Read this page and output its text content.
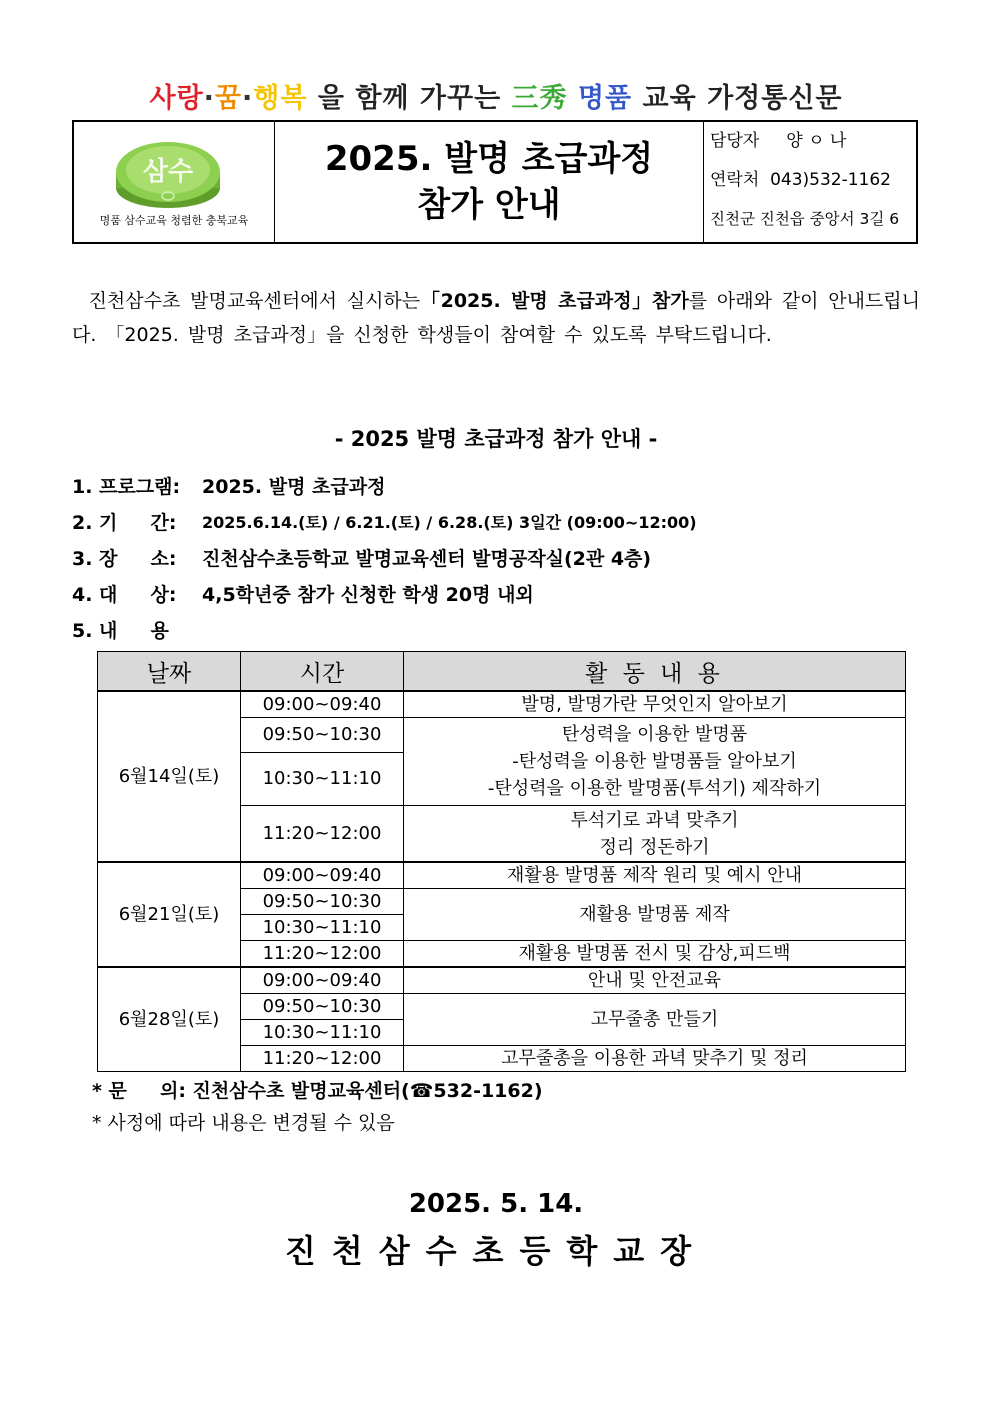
사랑·꿈·행복 을 함께 가꾸는 三秀 명품 교육 가정통신문
삼수
명품 삼수교육 청렴한 충북교육
2025. 발명 초급과정
참가 안내
담당자     양 ㅇ 나
연락처  043)532-1162
진천군 진천읍 중앙서 3길 6
진천삼수초 발명교육센터에서 실시하는「2025. 발명 초급과정」참가를 아래와 같이 안내드립니다. 「2025. 발명 초급과정」을 신청한 학생들이 참여할 수 있도록 부탁드립니다.
- 2025 발명 초급과정 참가 안내 -
1. 프로그램:	2025. 발명 초급과정
2. 기     간:	2025.6.14.(토) / 6.21.(토) / 6.28.(토) 3일간 (09:00~12:00)
3. 장     소:	진천삼수초등학교 발명교육센터 발명공작실(2관 4층)
4. 대     상:	4,5학년중 참가 신청한 학생 20명 내외
5. 내     용
날짜	시간	활 동 내 용
6월14일(토)	09:00~09:40	발명, 발명가란 무엇인지 알아보기

	09:50~10:30	탄성력을 이용한 발명품
-탄성력을 이용한 발명품들 알아보기
-탄성력을 이용한 발명품(투석기) 제작하기

	10:30~11:10	
	11:20~12:00	투석기로 과녁 맞추기
정리 정돈하기

6월21일(토)	09:00~09:40	재활용 발명품 제작 원리 및 예시 안내

	09:50~10:30	재활용 발명품 제작

	10:30~11:10	
	11:20~12:00	재활용 발명품 전시 및 감상,피드백

6월28일(토)	09:00~09:40	안내 및 안전교육

	09:50~10:30	고무줄총 만들기

	10:30~11:10	
	11:20~12:00	고무줄총을 이용한 과녁 맞추기 및 정리
* 문     의: 진천삼수초 발명교육센터(☎532-1162)
* 사정에 따라 내용은 변경될 수 있음
2025. 5. 14.
진천삼수초등학교장
